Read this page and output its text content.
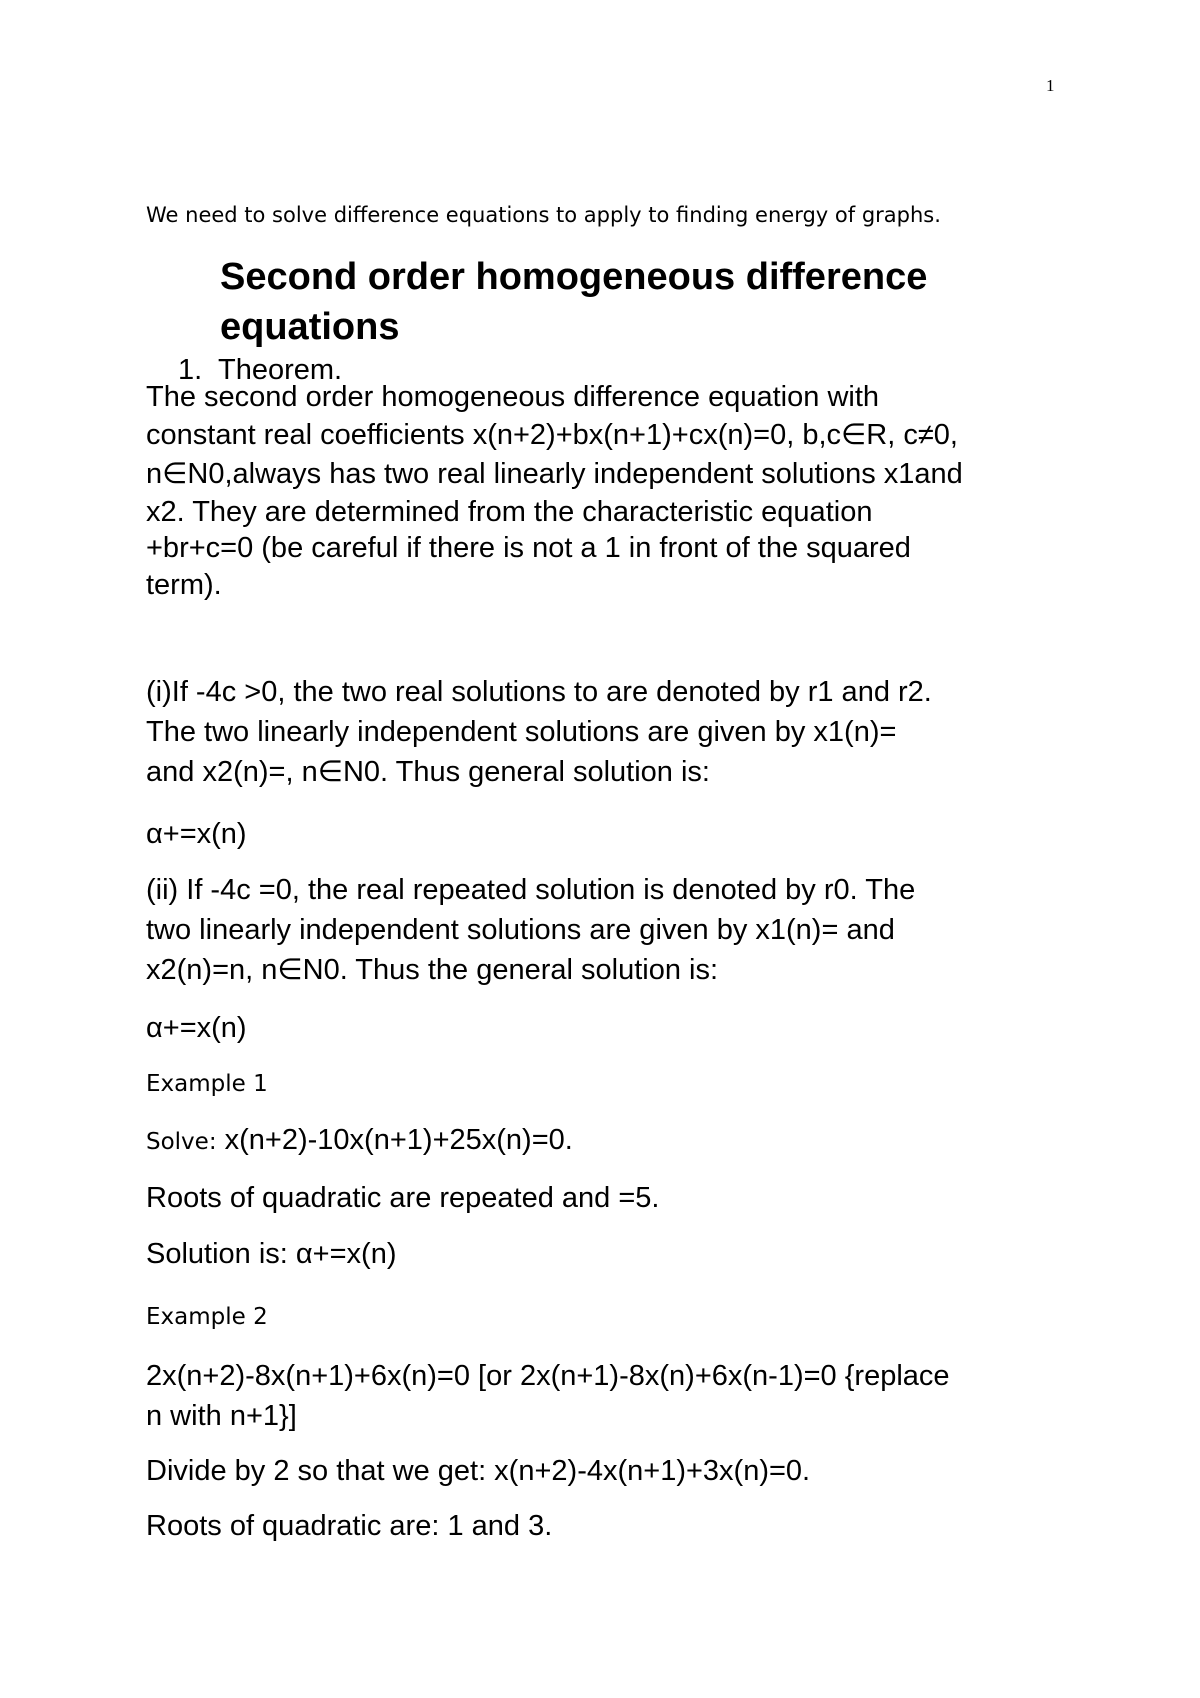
1
We need to solve difference equations to apply to finding energy of graphs.
Second order homogeneous difference equations
1. Theorem.
The second order homogeneous difference equation with
constant real coefficients x(n+2)+bx(n+1)+cx(n)=0, b,c∈R, c≠0,
n∈N0,always has two real linearly independent solutions x1and
x2. They are determined from the characteristic equation
+br+c=0 (be careful if there is not a 1 in front of the squared
term).
(i)If -4c >0, the two real solutions to are denoted by r1 and r2.
The two linearly independent solutions are given by x1(n)=
and x2(n)=, n∈N0. Thus general solution is:
α+=x(n)
(ii) If -4c =0, the real repeated solution is denoted by r0. The
two linearly independent solutions are given by x1(n)= and
x2(n)=n, n∈N0. Thus the general solution is:
α+=x(n)
Example 1
Solve: x(n+2)-10x(n+1)+25x(n)=0.
Roots of quadratic are repeated and =5.
Solution is: α+=x(n)
Example 2
2x(n+2)-8x(n+1)+6x(n)=0 [or 2x(n+1)-8x(n)+6x(n-1)=0 {replace
n with n+1}]
Divide by 2 so that we get: x(n+2)-4x(n+1)+3x(n)=0.
Roots of quadratic are: 1 and 3.
